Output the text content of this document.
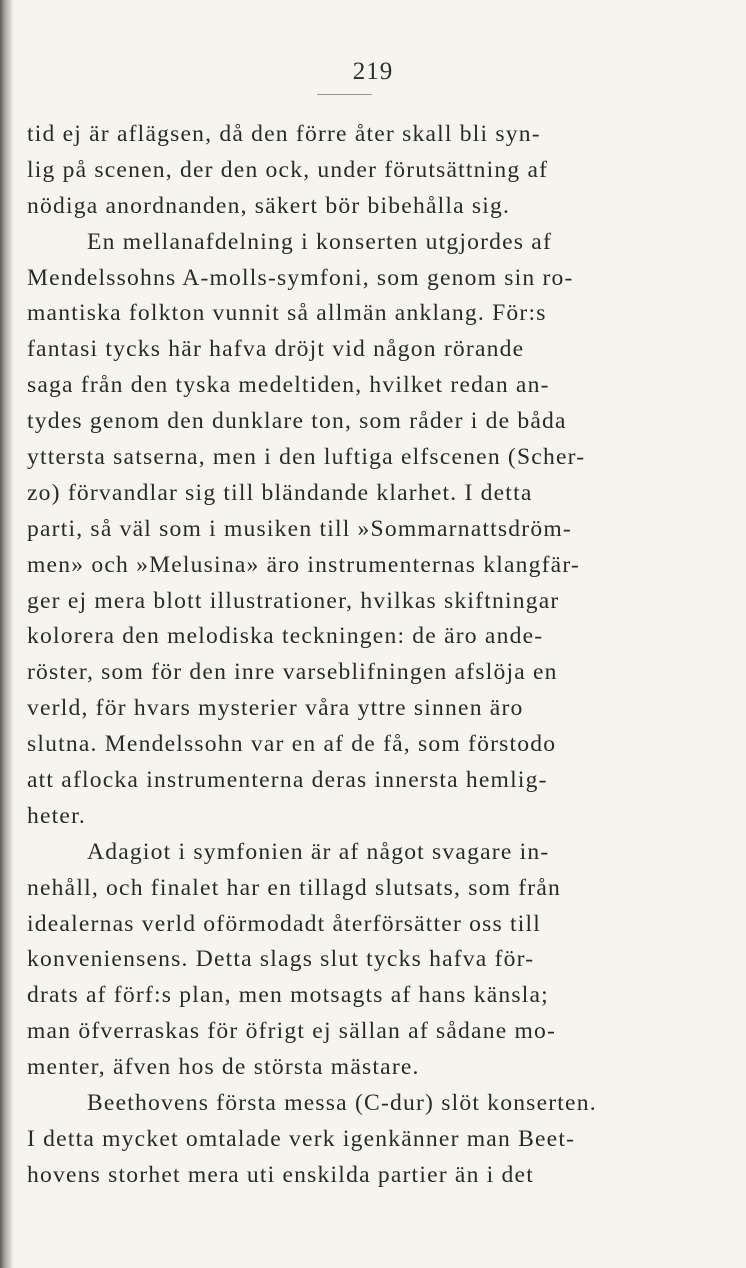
219
tid ej är aflägsen, då den förre åter skall bli syn-
lig på scenen, der den ock, under förutsättning af
nödiga anordnanden, säkert bör bibehålla sig.
En mellanafdelning i konserten utgjordes af
Mendelssohns A-molls-symfoni, som genom sin ro-
mantiska folkton vunnit så allmän anklang. För:s
fantasi tycks här hafva dröjt vid någon rörande
saga från den tyska medeltiden, hvilket redan an-
tydes genom den dunklare ton, som råder i de båda
yttersta satserna, men i den luftiga elfscenen (Scher-
zo) förvandlar sig till bländande klarhet. I detta
parti, så väl som i musiken till »Sommarnattsdröm-
men» och »Melusina» äro instrumenternas klangfär-
ger ej mera blott illustrationer, hvilkas skiftningar
kolorera den melodiska teckningen: de äro ande-
röster, som för den inre varseblifningen afslöja en
verld, för hvars mysterier våra yttre sinnen äro
slutna. Mendelssohn var en af de få, som förstodo
att aflocka instrumenterna deras innersta hemlig-
heter.
Adagiot i symfonien är af något svagare in-
nehåll, och finalet har en tillagd slutsats, som från
idealernas verld oförmodadt återförsätter oss till
konveniensens. Detta slags slut tycks hafva för-
drats af förf:s plan, men motsagts af hans känsla;
man öfverraskas för öfrigt ej sällan af sådane mo-
menter, äfven hos de största mästare.
Beethovens första messa (C-dur) slöt konserten.
I detta mycket omtalade verk igenkänner man Beet-
hovens storhet mera uti enskilda partier än i det
